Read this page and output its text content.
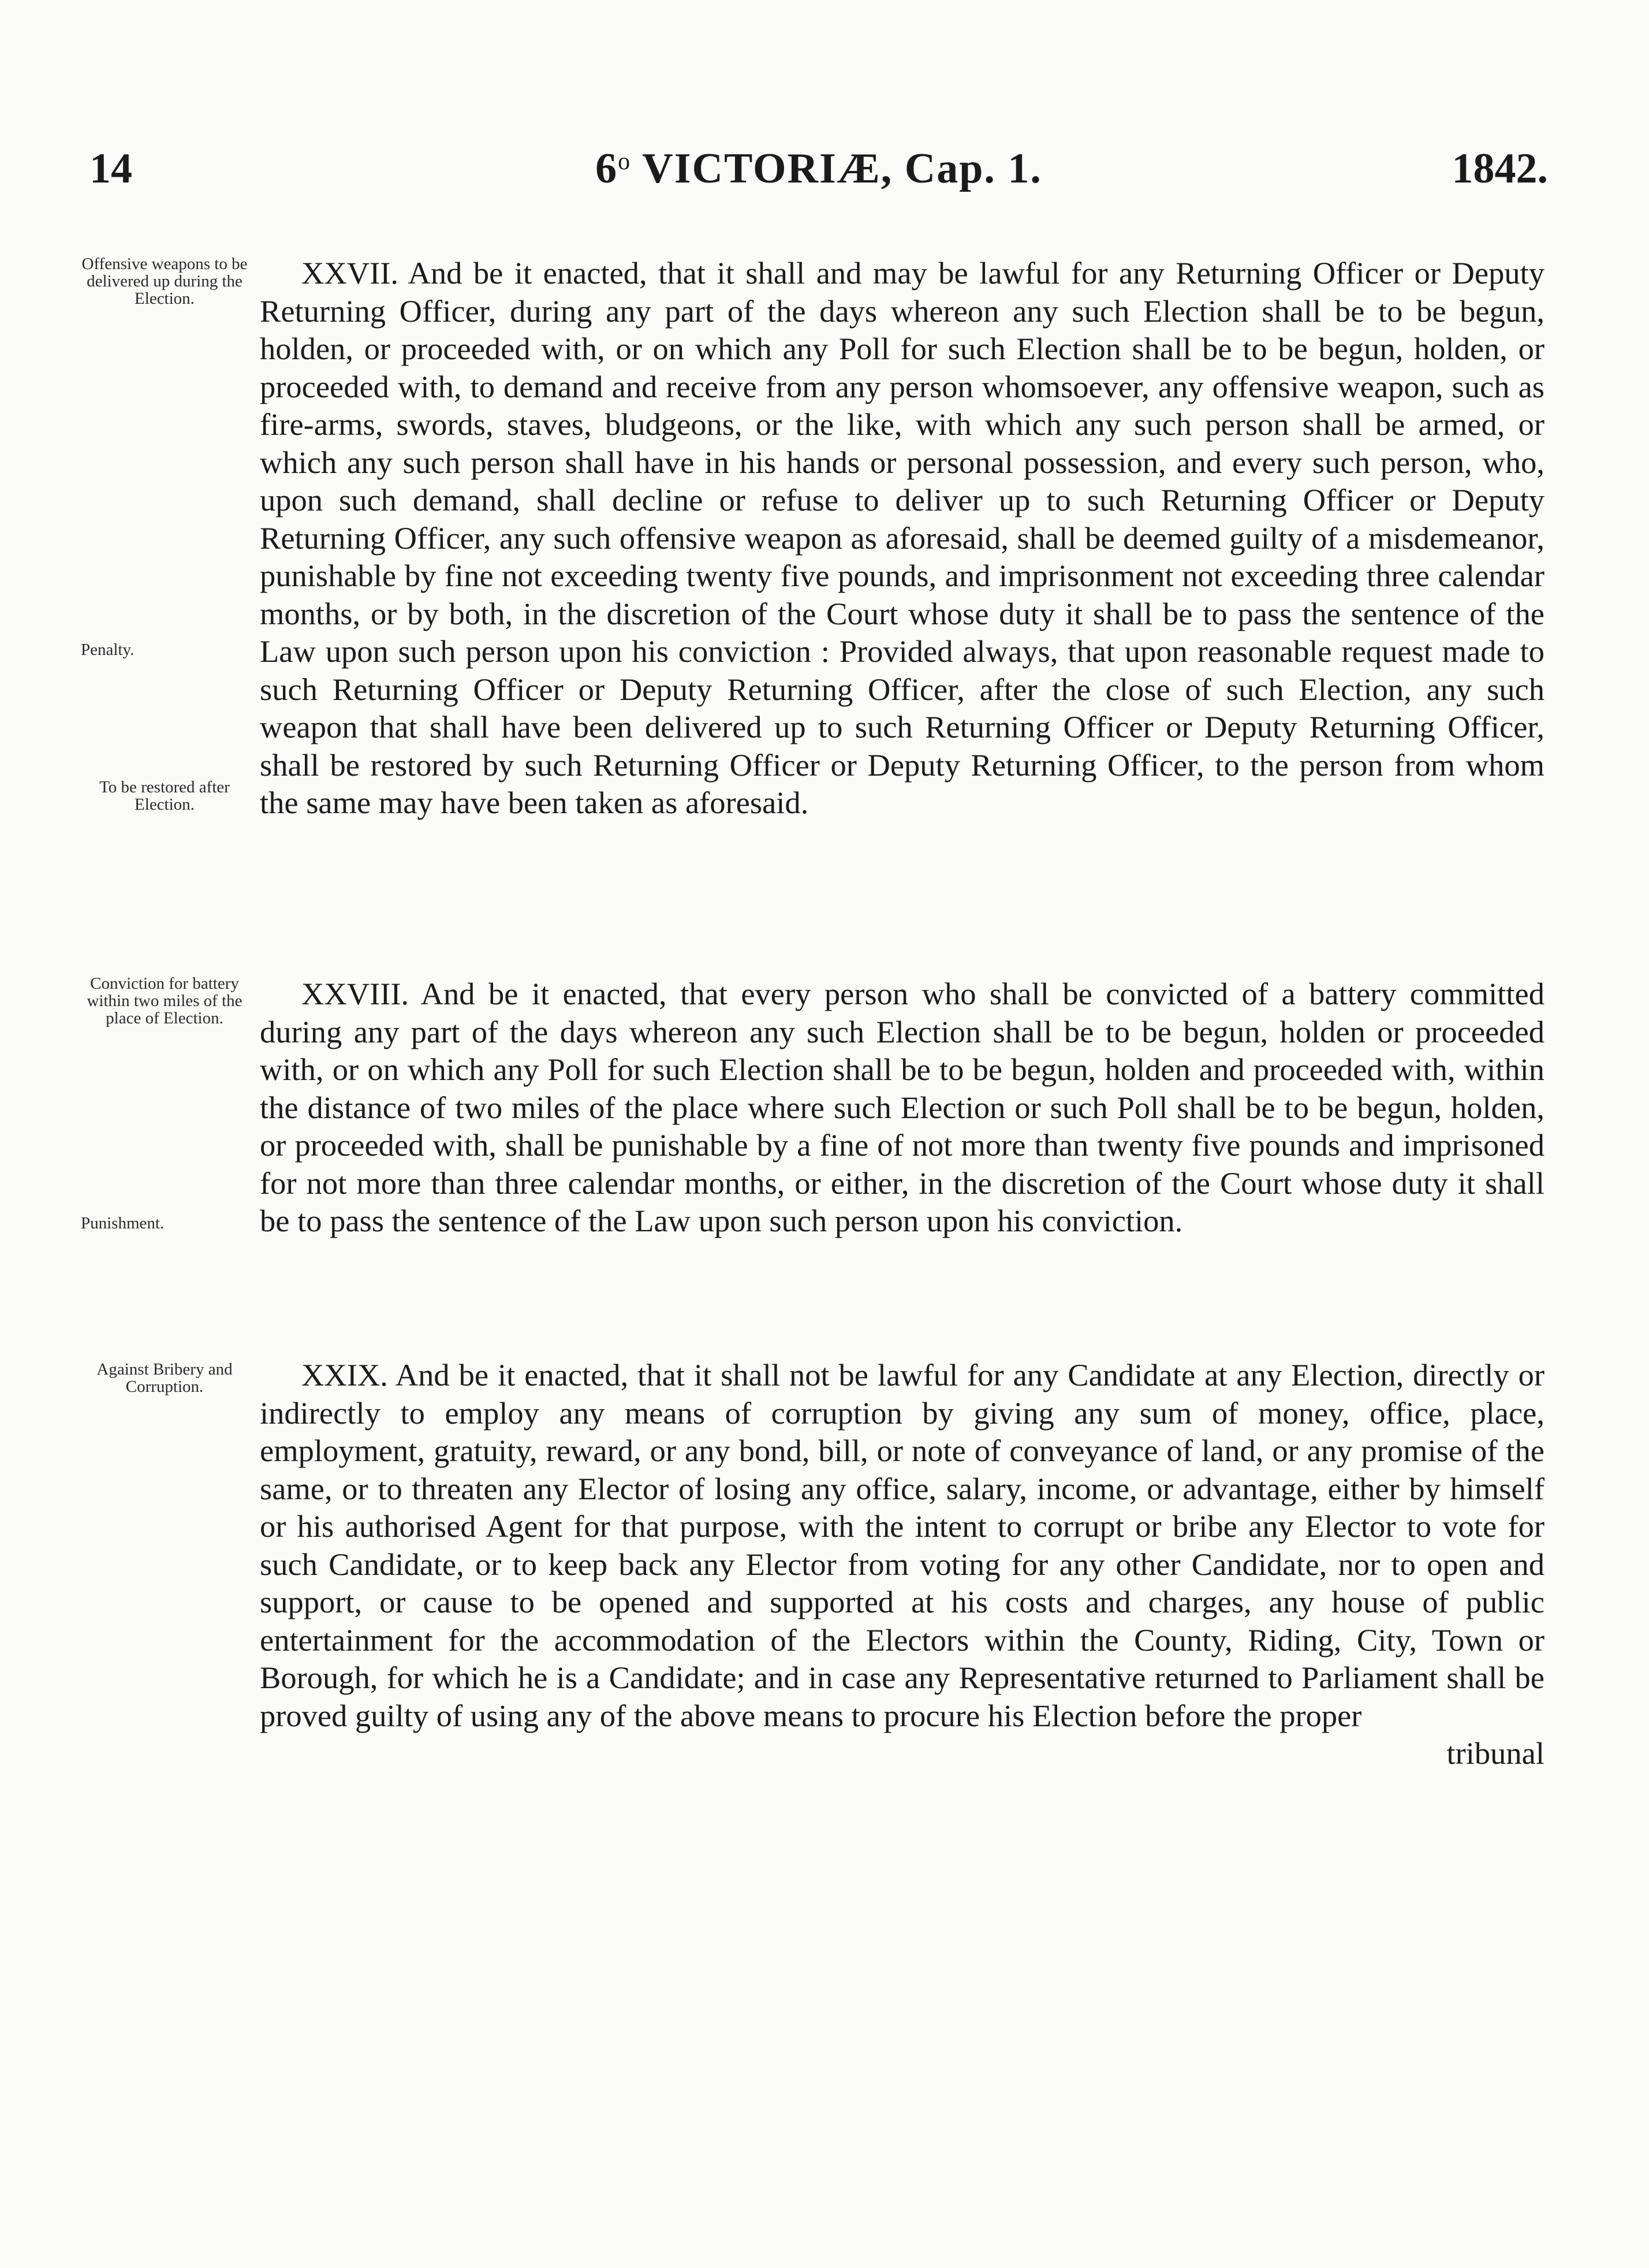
14	6$^o$ VICTORIÆ, Cap. 1.	1842.
Offensive weapons to be delivered up during the Election.
Penalty.
To be restored after Election.
Conviction for battery within two miles of the place of Election.
Punishment.
Against Bribery and Corruption.

XXVII. And be it enacted, that it shall and may be lawful for any Returning Officer or Deputy Returning Officer, during any part of the days whereon any such Election shall be to be begun, holden, or proceeded with, or on which any Poll for such Election shall be to be begun, holden, or proceeded with, to demand and receive from any person whomsoever, any offensive weapon, such as fire-arms, swords, staves, bludgeons, or the like, with which any such person shall be armed, or which any such person shall have in his hands or personal possession, and every such person, who, upon such demand, shall decline or refuse to deliver up to such Returning Officer or Deputy Returning Officer, any such offensive weapon as aforesaid, shall be deemed guilty of a misdemeanor, punishable by fine not exceeding twenty five pounds, and imprisonment not exceeding three calendar months, or by both, in the discretion of the Court whose duty it shall be to pass the sentence of the Law upon such person upon his conviction : Provided always, that upon reasonable request made to such Returning Officer or Deputy Returning Officer, after the close of such Election, any such weapon that shall have been delivered up to such Returning Officer or Deputy Returning Officer, shall be restored by such Returning Officer or Deputy Returning Officer, to the person from whom the same may have been taken as aforesaid.

XXVIII. And be it enacted, that every person who shall be convicted of a battery committed during any part of the days whereon any such Election shall be to be begun, holden or proceeded with, or on which any Poll for such Election shall be to be begun, holden and proceeded with, within the distance of two miles of the place where such Election or such Poll shall be to be begun, holden, or proceeded with, shall be punishable by a fine of not more than twenty five pounds and imprisoned for not more than three calendar months, or either, in the discretion of the Court whose duty it shall be to pass the sentence of the Law upon such person upon his conviction.

XXIX. And be it enacted, that it shall not be lawful for any Candidate at any Election, directly or indirectly to employ any means of corruption by giving any sum of money, office, place, employment, gratuity, reward, or any bond, bill, or note of conveyance of land, or any promise of the same, or to threaten any Elector of losing any office, salary, income, or advantage, either by himself or his authorised Agent for that purpose, with the intent to corrupt or bribe any Elector to vote for such Candidate, or to keep back any Elector from voting for any other Candidate, nor to open and support, or cause to be opened and supported at his costs and charges, any house of public entertainment for the accommodation of the Electors within the County, Riding, City, Town or Borough, for which he is a Candidate; and in case any Representative returned to Parliament shall be proved guilty of using any of the above means to procure his Election before the proper

tribunal
